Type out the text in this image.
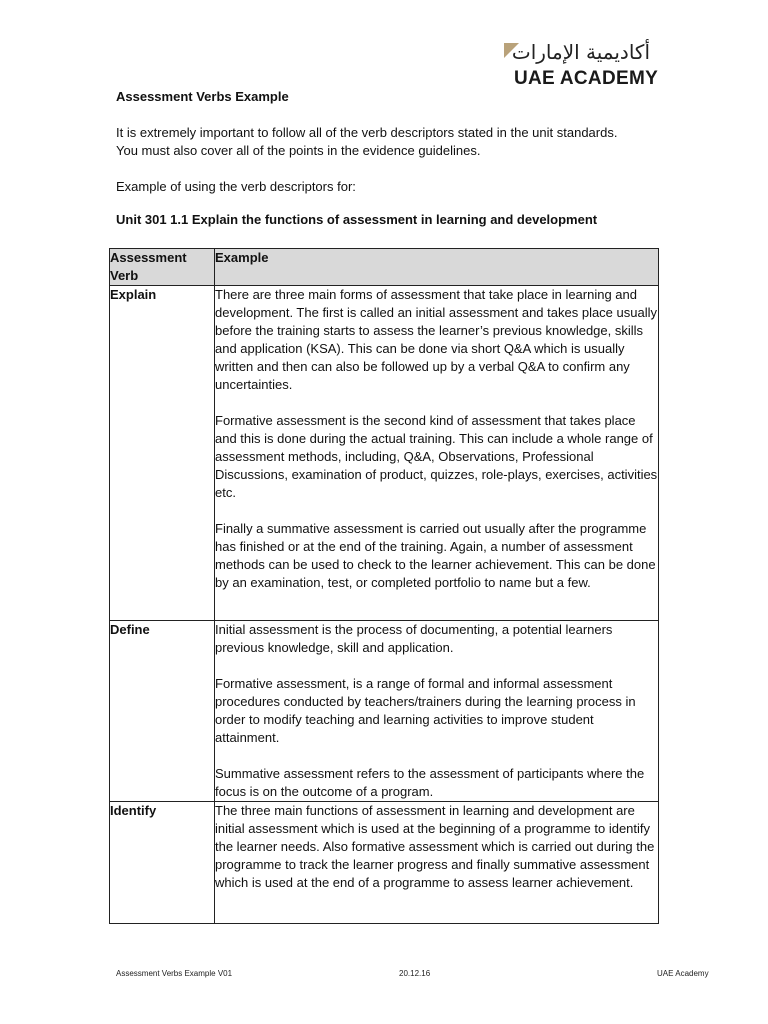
أكاديمية الإمارات
UAE ACADEMY
Assessment Verbs Example
It is extremely important to follow all of the verb descriptors stated in the unit standards. You must also cover all of the points in the evidence guidelines.
Example of using the verb descriptors for:
Unit 301 1.1 Explain the functions of assessment in learning and development
Assessment Verb	Example
Explain	There are three main forms of assessment that take place in learning and development. The first is called an initial assessment and takes place usually before the training starts to assess the learner’s previous knowledge, skills and application (KSA). This can be done via short Q&A which is usually written and then can also be followed up by a verbal Q&A to confirm any uncertainties.

Formative assessment is the second kind of assessment that takes place and this is done during the actual training. This can include a whole range of assessment methods, including, Q&A, Observations, Professional Discussions, examination of product, quizzes, role-plays, exercises, activities etc.

Finally a summative assessment is carried out usually after the programme has finished or at the end of the training. Again, a number of assessment methods can be used to check to the learner achievement. This can be done by an examination, test, or completed portfolio to name but a few.

Define	Initial assessment is the process of documenting, a potential learners previous knowledge, skill and application.

Formative assessment, is a range of formal and informal assessment procedures conducted by teachers/trainers during the learning process in order to modify teaching and learning activities to improve student attainment.

Summative assessment refers to the assessment of participants where the focus is on the outcome of a program.

Identify	The three main functions of assessment in learning and development are initial assessment which is used at the beginning of a programme to identify the learner needs. Also formative assessment which is carried out during the programme to track the learner progress and finally summative assessment which is used at the end of a programme to assess learner achievement.

Assessment Verbs Example V01	20.12.16	UAE Academy
